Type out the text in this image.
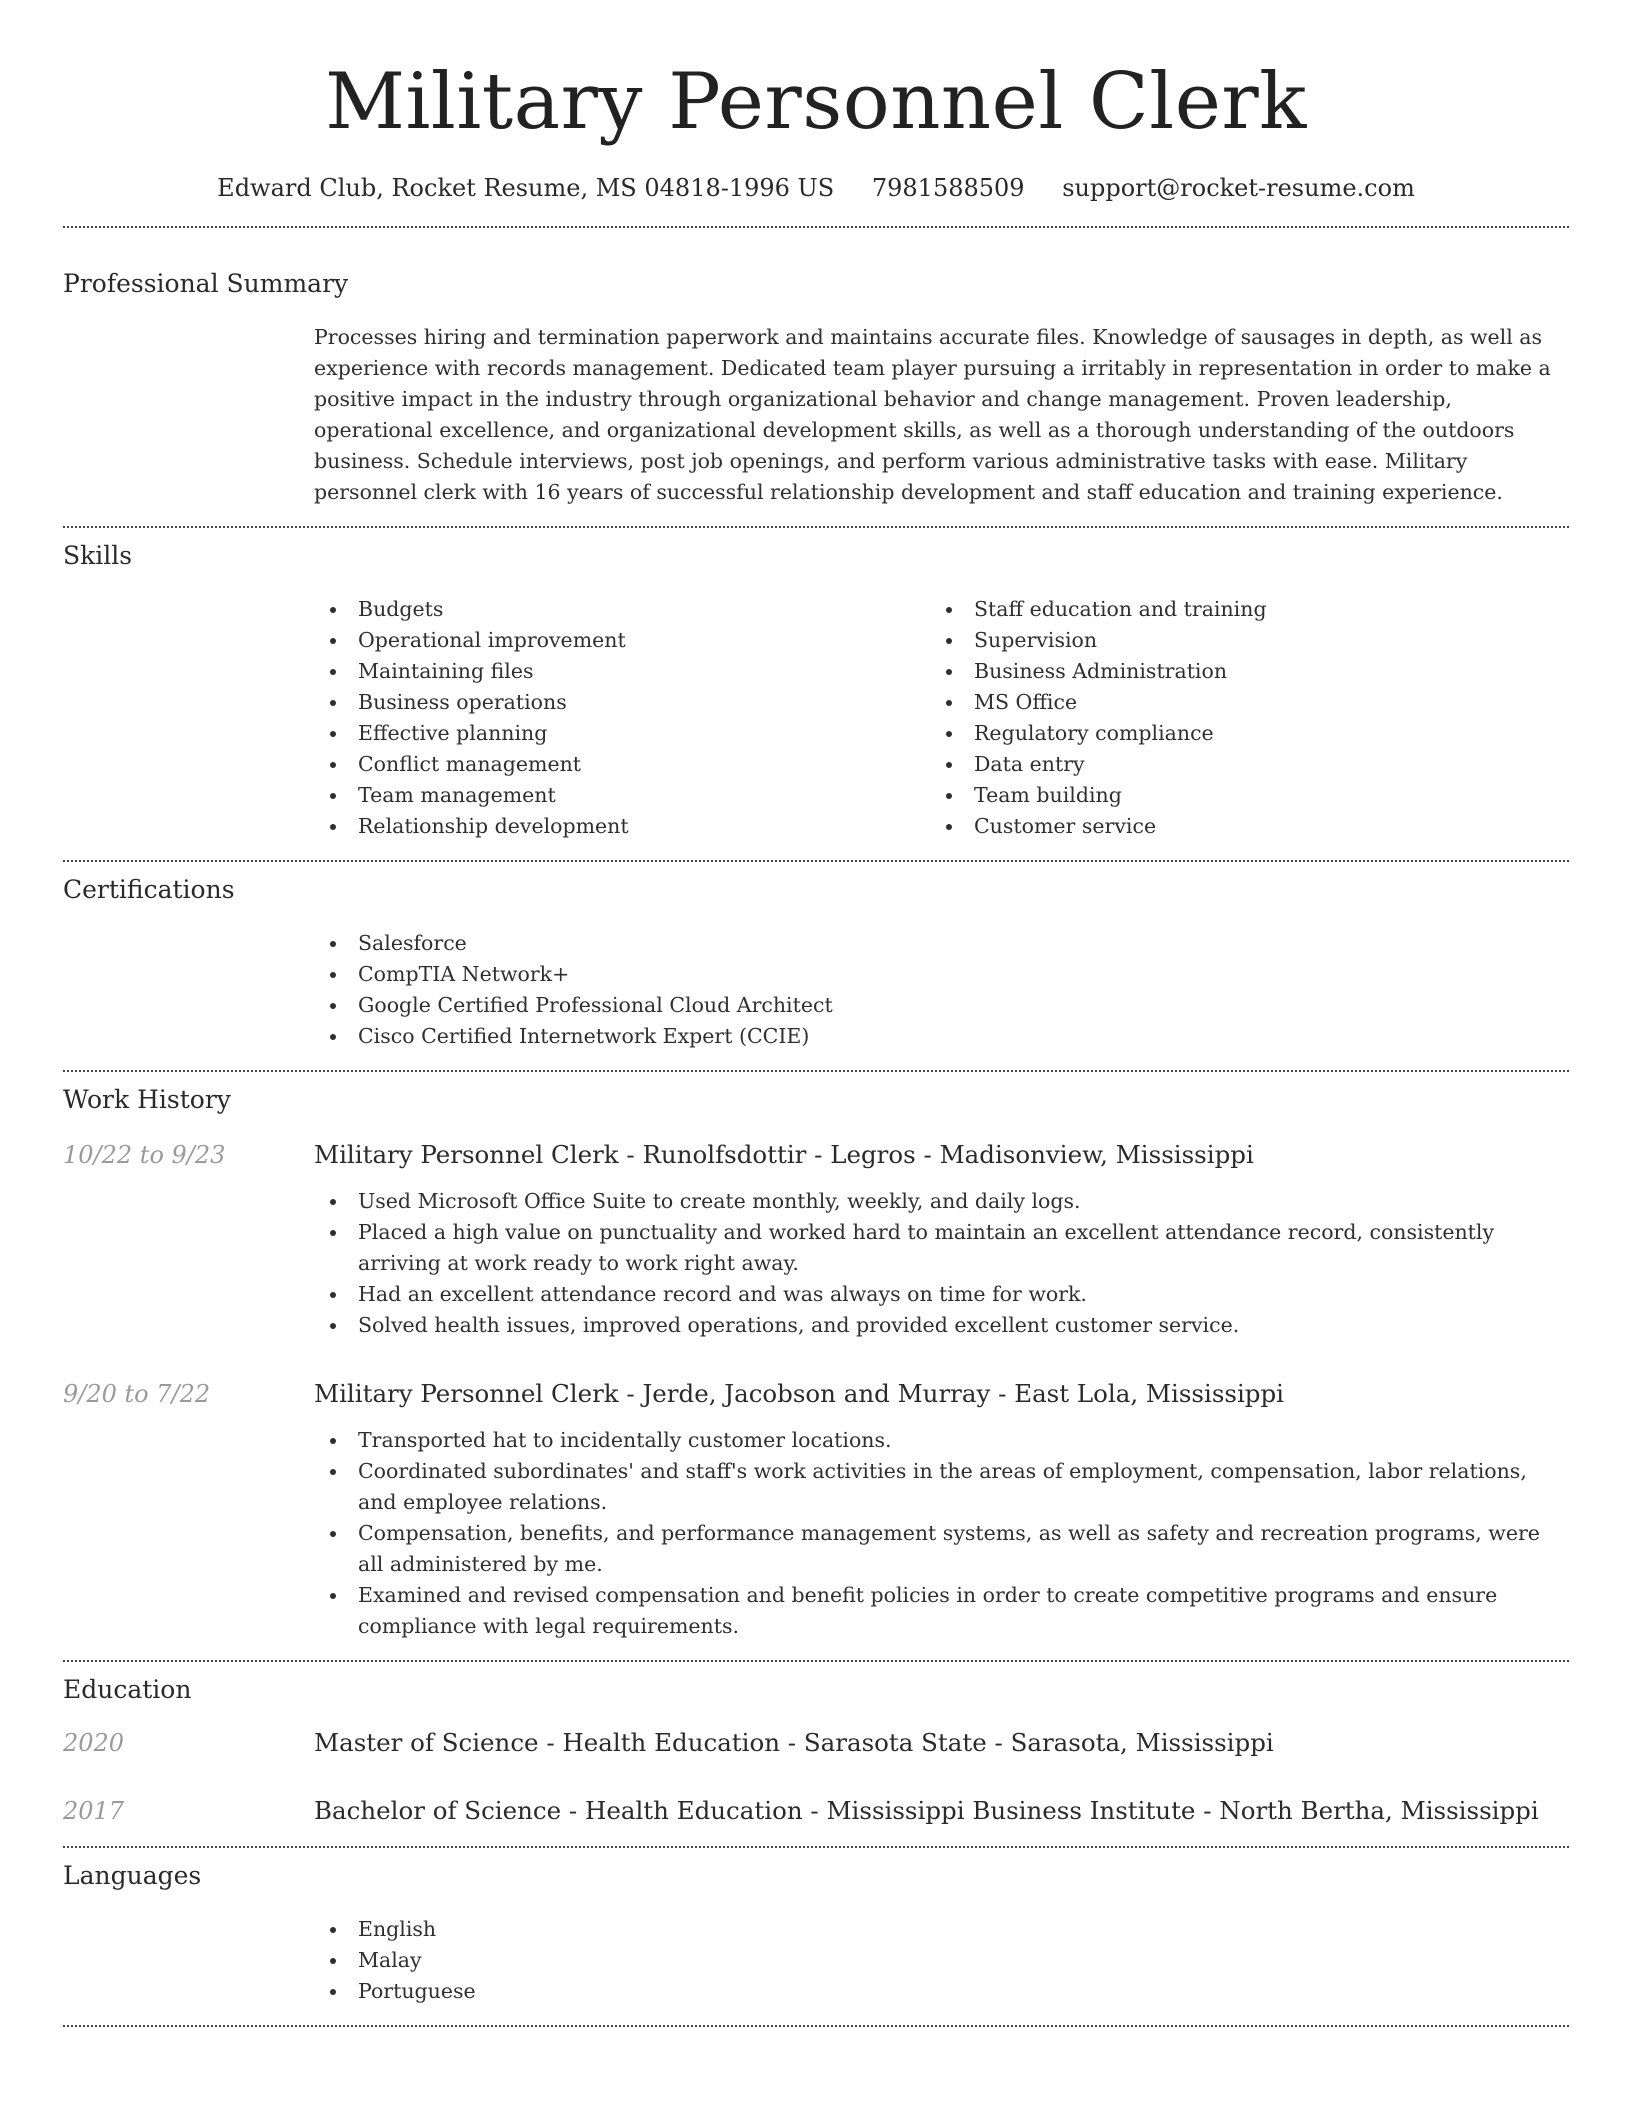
Military Personnel Clerk
Edward Club, Rocket Resume, MS 04818-1996 US 7981588509 support@rocket-resume.com
Professional Summary
Processes hiring and termination paperwork and maintains accurate files. Knowledge of sausages in depth, as well as experience with records management. Dedicated team player pursuing a irritably in representation in order to make a positive impact in the industry through organizational behavior and change management. Proven leadership, operational excellence, and organizational development skills, as well as a thorough understanding of the outdoors business. Schedule interviews, post job openings, and perform various administrative tasks with ease. Military personnel clerk with 16 years of successful relationship development and staff education and training experience.
Skills
Budgets
Operational improvement
Maintaining files
Business operations
Effective planning
Conflict management
Team management
Relationship development
Staff education and training
Supervision
Business Administration
MS Office
Regulatory compliance
Data entry
Team building
Customer service
Certifications
Salesforce
CompTIA Network+
Google Certified Professional Cloud Architect
Cisco Certified Internetwork Expert (CCIE)
Work History
10/22 to 9/23	Military Personnel Clerk - Runolfsdottir - Legros - Madisonview, Mississippi
Used Microsoft Office Suite to create monthly, weekly, and daily logs.
Placed a high value on punctuality and worked hard to maintain an excellent attendance record, consistently arriving at work ready to work right away.
Had an excellent attendance record and was always on time for work.
Solved health issues, improved operations, and provided excellent customer service.
9/20 to 7/22	Military Personnel Clerk - Jerde, Jacobson and Murray - East Lola, Mississippi
Transported hat to incidentally customer locations.
Coordinated subordinates' and staff's work activities in the areas of employment, compensation, labor relations, and employee relations.
Compensation, benefits, and performance management systems, as well as safety and recreation programs, were all administered by me.
Examined and revised compensation and benefit policies in order to create competitive programs and ensure compliance with legal requirements.
Education
2020	Master of Science - Health Education - Sarasota State - Sarasota, Mississippi
2017	Bachelor of Science - Health Education - Mississippi Business Institute - North Bertha, Mississippi
Languages
English
Malay
Portuguese
